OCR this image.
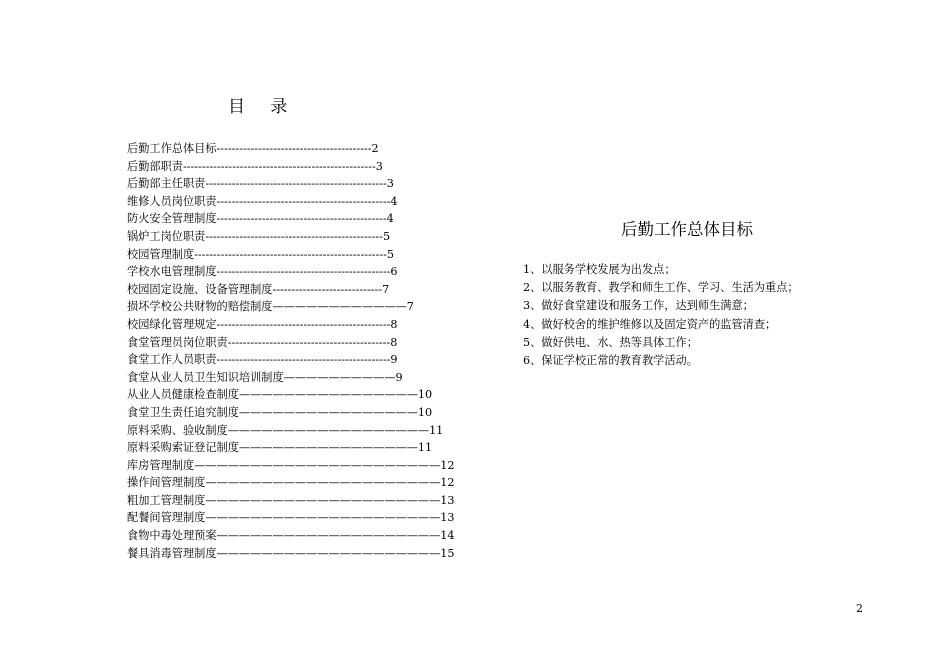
目 录
后勤工作总体目标-----------------------------------------2
后勤部职责---------------------------------------------------3
后勤部主任职责------------------------------------------------3
维修人员岗位职责----------------------------------------------4
防火安全管理制度---------------------------------------------4
锅炉工岗位职责-----------------------------------------------5
校园管理制度---------------------------------------------------5
学校水电管理制度----------------------------------------------6
校园固定设施、设备管理制度-----------------------------7
损坏学校公共财物的赔偿制度————————————7
校园绿化管理规定----------------------------------------------8
食堂管理员岗位职责-------------------------------------------8
食堂工作人员职责----------------------------------------------9
食堂从业人员卫生知识培训制度——————————9
从业人员健康检查制度————————————————10
食堂卫生责任追究制度————————————————10
原料采购、验收制度——————————————————11
原料采购索证登记制度————————————————11
库房管理制度——————————————————————12
操作间管理制度—————————————————————12
粗加工管理制度—————————————————————13
配餐间管理制度—————————————————————13
食物中毒处理预案————————————————————14
餐具消毒管理制度————————————————————15
后勤工作总体目标
1、以服务学校发展为出发点；
2、以服务教育、教学和师生工作、学习、生活为重点；
3、做好食堂建设和服务工作，达到师生满意；
4、做好校舍的维护维修以及固定资产的监管清查；
5、做好供电、水、热等具体工作；
6、保证学校正常的教育教学活动。
2
